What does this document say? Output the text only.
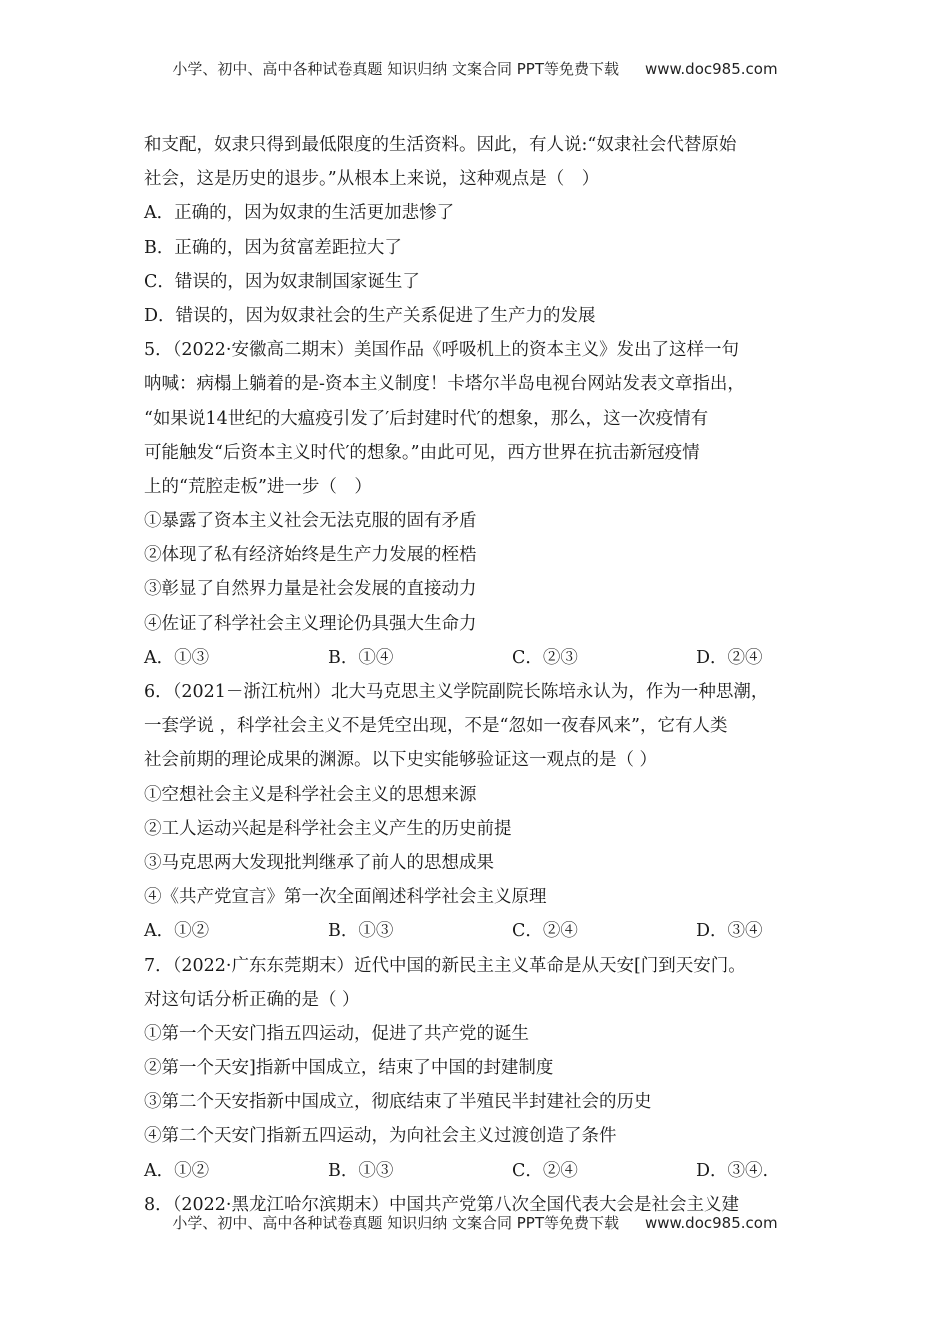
小学、初中、高中各种试卷真题 知识归纳 文案合同 PPT等免费下载 www.doc985.com
和支配，奴隶只得到最低限度的生活资料。因此，有人说:“奴隶社会代替原始
社会，这是历史的退步。”从根本上来说，这种观点是（　）
A．正确的，因为奴隶的生活更加悲惨了
B．正确的，因为贫富差距拉大了
C．错误的，因为奴隶制国家诞生了
D．错误的，因为奴隶社会的生产关系促进了生产力的发展
5．（2022·安徽高二期末）美国作品《呼吸机上的资本主义》发出了这样一句
呐喊：病榻上躺着的是-资本主义制度！卡塔尔半岛电视台网站发表文章指出，
“如果说14世纪的大瘟疫引发了′后封建时代′的想象，那么，这一次疫情有
可能触发“后资本主义时代′的想象。”由此可见，西方世界在抗击新冠疫情
上的“荒腔走板”进一步（　）
①暴露了资本主义社会无法克服的固有矛盾
②体现了私有经济始终是生产力发展的桎梏
③彰显了自然界力量是社会发展的直接动力
④佐证了科学社会主义理论仍具强大生命力
A．①③	B．①④	C．②③	D．②④
6．（2021－浙江杭州）北大马克思主义学院副院长陈培永认为，作为一种思潮，
一套学说 ，科学社会主义不是凭空出现，不是“忽如一夜春风来”，它有人类
社会前期的理论成果的渊源。以下史实能够验证这一观点的是（ ）
①空想社会主义是科学社会主义的思想来源
②工人运动兴起是科学社会主义产生的历史前提
③马克思两大发现批判继承了前人的思想成果
④《共产党宣言》第一次全面阐述科学社会主义原理
A．①②	B．①③	C．②④	D．③④
7．（2022·广东东莞期末）近代中国的新民主主义革命是从天安[门到天安门。
对这句话分析正确的是（ ）
①第一个天安门指五四运动，促进了共产党的诞生
②第一个天安]指新中国成立，结束了中国的封建制度
③第二个天安指新中国成立，彻底结束了半殖民半封建社会的历史
④第二个天安门指新五四运动，为向社会主义过渡创造了条件
A．①②	B．①③	C．②④	D．③④.
8．（2022·黑龙江哈尔滨期末）中国共产党第八次全国代表大会是社会主义建
小学、初中、高中各种试卷真题 知识归纳 文案合同 PPT等免费下载 www.doc985.com
